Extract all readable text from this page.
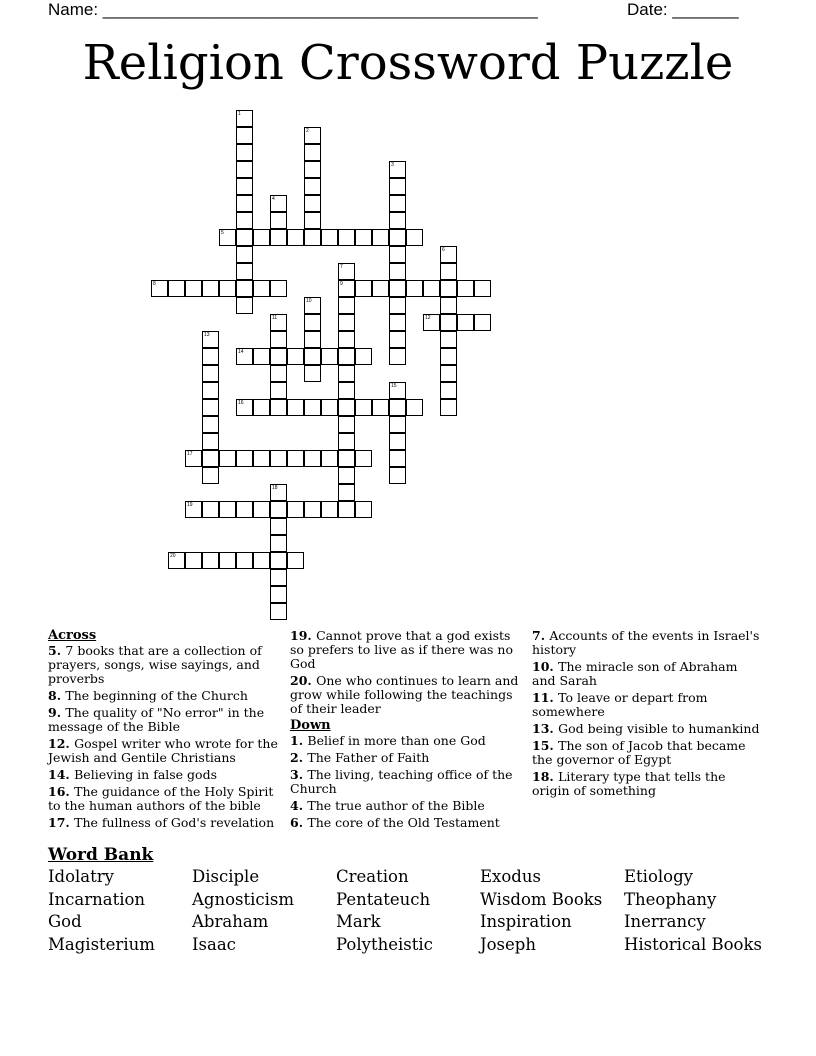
Name: ______________________________________________	Date: _______
Religion Crossword Puzzle
1
2
3
4
5
6
7
9
8
10
11	12
13
14
15
16
17
18
19
20
Across
5. 7 books that are a collection of prayers, songs, wise sayings, and proverbs
8. The beginning of the Church
9. The quality of "No error" in the message of the Bible
12. Gospel writer who wrote for the Jewish and Gentile Christians
14. Believing in false gods
16. The guidance of the Holy Spirit to the human authors of the bible
17. The fullness of God's revelation
19. Cannot prove that a god exists so prefers to live as if there was no God
20. One who continues to learn and grow while following the teachings of their leader
Down
1. Belief in more than one God
2. The Father of Faith
3. The living, teaching office of the Church
4. The true author of the Bible
6. The core of the Old Testament
7. Accounts of the events in Israel's history
10. The miracle son of Abraham and Sarah
11. To leave or depart from somewhere
13. God being visible to humankind
15. The son of Jacob that became the governor of Egypt
18. Literary type that tells the origin of something
Word Bank
Idolatry	Disciple	Creation	Exodus	Etiology
Incarnation	Agnosticism	Pentateuch	Wisdom Books Theophany
God	Abraham	Mark	Inspiration	Inerrancy
Magisterium Isaac	Polytheistic	Joseph	Historical Books
